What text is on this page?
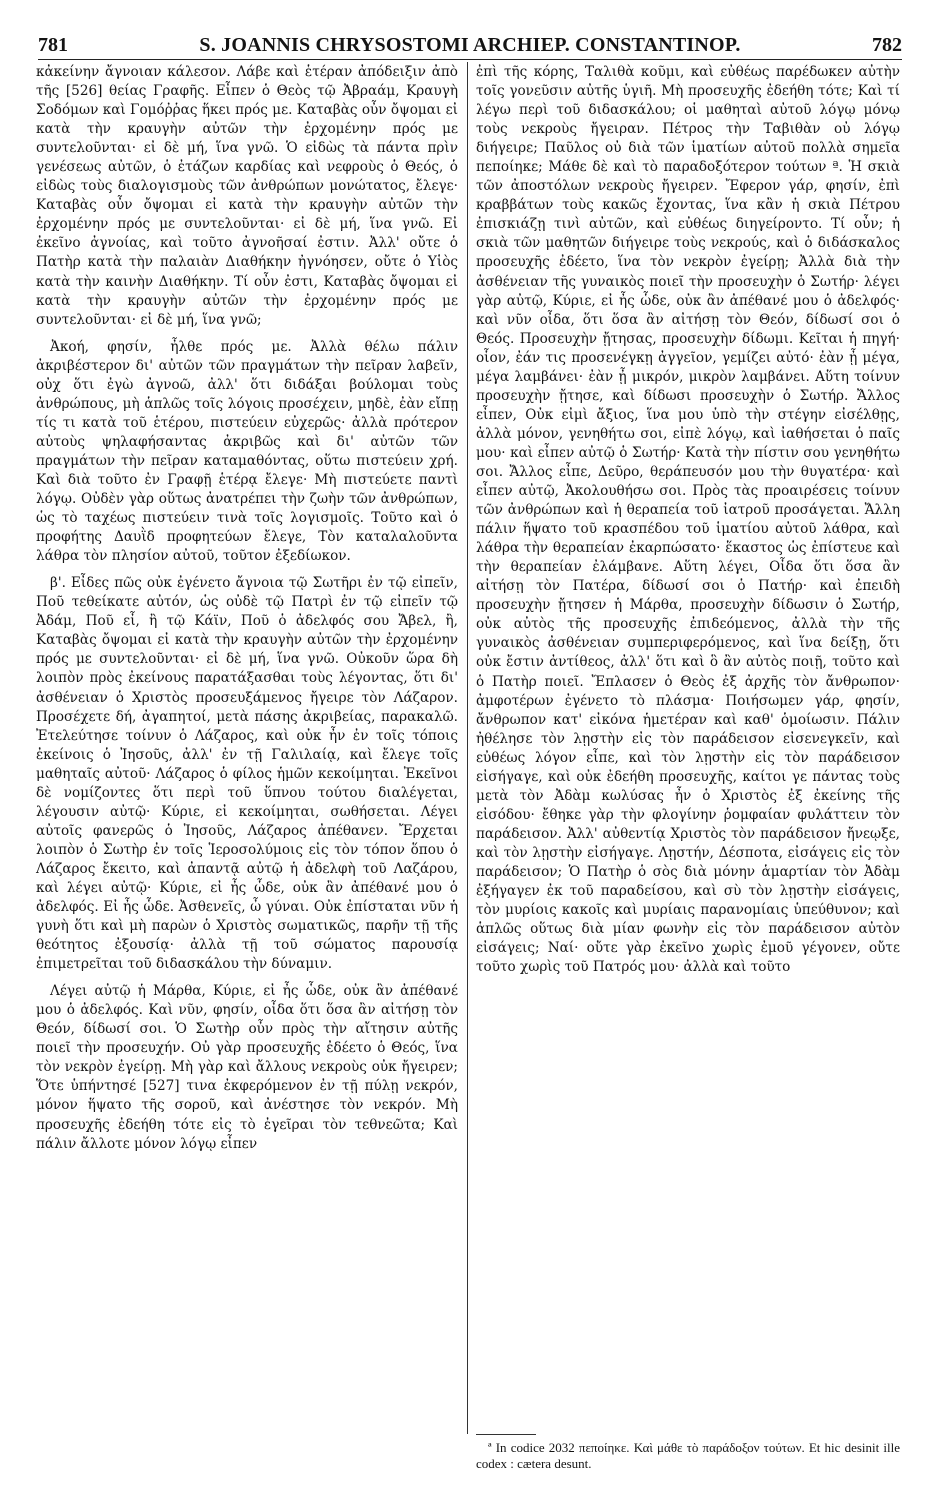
781	S. JOANNIS CHRYSOSTOMI ARCHIEP. CONSTANTINOP.	782

κἀκείνην ἄγνοιαν κάλεσον. Λάβε καὶ ἑτέραν ἀπόδειξιν ἀπὸ τῆς [526] θείας Γραφῆς. Εἶπεν ὁ Θεὸς τῷ Ἀβραάμ, Κραυγὴ Σοδόμων καὶ Γομόῤῥας ἥκει πρός με. Καταβὰς οὖν ὄψομαι εἰ κατὰ τὴν κραυγὴν αὐτῶν τὴν ἐρχομένην πρός με συντελοῦνται· εἰ δὲ μή, ἵνα γνῶ. Ὁ εἰδὼς τὰ πάντα πρὶν γενέσεως αὐτῶν, ὁ ἐτάζων καρδίας καὶ νεφροὺς ὁ Θεός, ὁ εἰδὼς τοὺς διαλογισμοὺς τῶν ἀνθρώπων μονώτατος, ἔλεγε· Καταβὰς οὖν ὄψομαι εἰ κατὰ τὴν κραυγὴν αὐτῶν τὴν ἐρχομένην πρός με συντελοῦνται· εἰ δὲ μή, ἵνα γνῶ. Εἰ ἐκεῖνο ἀγνοίας, καὶ τοῦτο ἀγνοῆσαί ἐστιν. Ἀλλ' οὔτε ὁ Πατὴρ κατὰ τὴν παλαιὰν Διαθήκην ἠγνόησεν, οὔτε ὁ Υἱὸς κατὰ τὴν καινὴν Διαθήκην. Τί οὖν ἐστι, Καταβὰς ὄψομαι εἰ κατὰ τὴν κραυγὴν αὐτῶν τὴν ἐρχομένην πρός με συντελοῦνται· εἰ δὲ μή, ἵνα γνῶ;

Ἀκοή, φησίν, ἦλθε πρός με. Ἀλλὰ θέλω πάλιν ἀκριβέστερον δι' αὐτῶν τῶν πραγμάτων τὴν πεῖραν λαβεῖν, οὐχ ὅτι ἐγὼ ἀγνοῶ, ἀλλ' ὅτι διδάξαι βούλομαι τοὺς ἀνθρώπους, μὴ ἁπλῶς τοῖς λόγοις προσέχειν, μηδὲ, ἐὰν εἴπῃ τίς τι κατὰ τοῦ ἑτέρου, πιστεύειν εὐχερῶς· ἀλλὰ πρότερον αὐτοὺς ψηλαφήσαντας ἀκριβῶς καὶ δι' αὐτῶν τῶν πραγμάτων τὴν πεῖραν καταμαθόντας, οὕτω πιστεύειν χρή. Καὶ διὰ τοῦτο ἐν Γραφῇ ἑτέρᾳ ἔλεγε· Μὴ πιστεύετε παντὶ λόγῳ. Οὐδὲν γὰρ οὕτως ἀνατρέπει τὴν ζωὴν τῶν ἀνθρώπων, ὡς τὸ ταχέως πιστεύειν τινὰ τοῖς λογισμοῖς. Τοῦτο καὶ ὁ προφήτης Δαυῒδ προφητεύων ἔλεγε, Τὸν καταλαλοῦντα λάθρα τὸν πλησίον αὐτοῦ, τοῦτον ἐξεδίωκον.

β'. Εἶδες πῶς οὐκ ἐγένετο ἄγνοια τῷ Σωτῆρι ἐν τῷ εἰπεῖν, Ποῦ τεθείκατε αὐτόν, ὡς οὐδὲ τῷ Πατρὶ ἐν τῷ εἰπεῖν τῷ Ἀδάμ, Ποῦ εἶ, ἢ τῷ Κάϊν, Ποῦ ὁ ἀδελφός σου Ἄβελ, ἢ, Καταβὰς ὄψομαι εἰ κατὰ τὴν κραυγὴν αὐτῶν τὴν ἐρχομένην πρός με συντελοῦνται· εἰ δὲ μή, ἵνα γνῶ. Οὐκοῦν ὥρα δὴ λοιπὸν πρὸς ἐκείνους παρατάξασθαι τοὺς λέγοντας, ὅτι δι' ἀσθένειαν ὁ Χριστὸς προσευξάμενος ἤγειρε τὸν Λάζαρον. Προσέχετε δή, ἀγαπητοί, μετὰ πάσης ἀκριβείας, παρακαλῶ. Ἐτελεύτησε τοίνυν ὁ Λάζαρος, καὶ οὐκ ἦν ἐν τοῖς τόποις ἐκείνοις ὁ Ἰησοῦς, ἀλλ' ἐν τῇ Γαλιλαίᾳ, καὶ ἔλεγε τοῖς μαθηταῖς αὐτοῦ· Λάζαρος ὁ φίλος ἡμῶν κεκοίμηται. Ἐκεῖνοι δὲ νομίζοντες ὅτι περὶ τοῦ ὕπνου τούτου διαλέγεται, λέγουσιν αὐτῷ· Κύριε, εἰ κεκοίμηται, σωθήσεται. Λέγει αὐτοῖς φανερῶς ὁ Ἰησοῦς, Λάζαρος ἀπέθανεν. Ἔρχεται λοιπὸν ὁ Σωτὴρ ἐν τοῖς Ἱεροσολύμοις εἰς τὸν τόπον ὅπου ὁ Λάζαρος ἔκειτο, καὶ ἀπαντᾷ αὐτῷ ἡ ἀδελφὴ τοῦ Λαζάρου, καὶ λέγει αὐτῷ· Κύριε, εἰ ἦς ὧδε, οὐκ ἂν ἀπέθανέ μου ὁ ἀδελφός. Εἰ ἦς ὧδε. Ἀσθενεῖς, ὦ γύναι. Οὐκ ἐπίσταται νῦν ἡ γυνὴ ὅτι καὶ μὴ παρὼν ὁ Χριστὸς σωματικῶς, παρῆν τῇ τῆς θεότητος ἐξουσίᾳ· ἀλλὰ τῇ τοῦ σώματος παρουσίᾳ ἐπιμετρεῖται τοῦ διδασκάλου τὴν δύναμιν.

Λέγει αὐτῷ ἡ Μάρθα, Κύριε, εἰ ἦς ὧδε, οὐκ ἂν ἀπέθανέ μου ὁ ἀδελφός. Καὶ νῦν, φησίν, οἶδα ὅτι ὅσα ἂν αἰτήσῃ τὸν Θεόν, δίδωσί σοι. Ὁ Σωτὴρ οὖν πρὸς τὴν αἴτησιν αὐτῆς ποιεῖ τὴν προσευχήν. Οὐ γὰρ προσευχῆς ἐδέετο ὁ Θεός, ἵνα τὸν νεκρὸν ἐγείρῃ. Μὴ γὰρ καὶ ἄλλους νεκροὺς οὐκ ἤγειρεν; Ὅτε ὑπήντησέ [527] τινα ἐκφερόμενον ἐν τῇ πύλῃ νεκρόν, μόνον ἥψατο τῆς σοροῦ, καὶ ἀνέστησε τὸν νεκρόν. Μὴ προσευχῆς ἐδεήθη τότε εἰς τὸ ἐγεῖραι τὸν τεθνεῶτα; Καὶ πάλιν ἄλλοτε μόνον λόγῳ εἶπεν

ἐπὶ τῆς κόρης, Ταλιθὰ κοῦμι, καὶ εὐθέως παρέδωκεν αὐτὴν τοῖς γονεῦσιν αὐτῆς ὑγιῆ. Μὴ προσευχῆς ἐδεήθη τότε; Καὶ τί λέγω περὶ τοῦ διδασκάλου; οἱ μαθηταὶ αὐτοῦ λόγῳ μόνῳ τοὺς νεκροὺς ἤγειραν. Πέτρος τὴν Ταβιθὰν οὐ λόγῳ διήγειρε; Παῦλος οὐ διὰ τῶν ἱματίων αὐτοῦ πολλὰ σημεῖα πεποίηκε; Μάθε δὲ καὶ τὸ παραδοξότερον τούτων ª. Ἡ σκιὰ τῶν ἀποστόλων νεκροὺς ἤγειρεν. Ἔφερον γάρ, φησίν, ἐπὶ κραββάτων τοὺς κακῶς ἔχοντας, ἵνα κἂν ἡ σκιὰ Πέτρου ἐπισκιάζῃ τινὶ αὐτῶν, καὶ εὐθέως διηγείροντο. Τί οὖν; ἡ σκιὰ τῶν μαθητῶν διήγειρε τοὺς νεκρούς, καὶ ὁ διδάσκαλος προσευχῆς ἐδέετο, ἵνα τὸν νεκρὸν ἐγείρῃ; Ἀλλὰ διὰ τὴν ἀσθένειαν τῆς γυναικὸς ποιεῖ τὴν προσευχὴν ὁ Σωτήρ· λέγει γὰρ αὐτῷ, Κύριε, εἰ ἦς ὧδε, οὐκ ἂν ἀπέθανέ μου ὁ ἀδελφός· καὶ νῦν οἶδα, ὅτι ὅσα ἂν αἰτήσῃ τὸν Θεόν, δίδωσί σοι ὁ Θεός. Προσευχὴν ᾔτησας, προσευχὴν δίδωμι. Κεῖται ἡ πηγή· οἷον, ἐάν τις προσενέγκῃ ἀγγεῖον, γεμίζει αὐτό· ἐὰν ᾖ μέγα, μέγα λαμβάνει· ἐὰν ᾖ μικρόν, μικρὸν λαμβάνει. Αὕτη τοίνυν προσευχὴν ᾔτησε, καὶ δίδωσι προσευχὴν ὁ Σωτήρ. Ἄλλος εἶπεν, Οὐκ εἰμὶ ἄξιος, ἵνα μου ὑπὸ τὴν στέγην εἰσέλθῃς, ἀλλὰ μόνον, γενηθήτω σοι, εἰπὲ λόγῳ, καὶ ἰαθήσεται ὁ παῖς μου· καὶ εἶπεν αὐτῷ ὁ Σωτήρ· Κατὰ τὴν πίστιν σου γενηθήτω σοι. Ἄλλος εἶπε, Δεῦρο, θεράπευσόν μου τὴν θυγατέρα· καὶ εἶπεν αὐτῷ, Ἀκολουθήσω σοι. Πρὸς τὰς προαιρέσεις τοίνυν τῶν ἀνθρώπων καὶ ἡ θεραπεία τοῦ ἰατροῦ προσάγεται. Ἄλλη πάλιν ἥψατο τοῦ κρασπέδου τοῦ ἱματίου αὐτοῦ λάθρα, καὶ λάθρα τὴν θεραπείαν ἐκαρπώσατο· ἕκαστος ὡς ἐπίστευε καὶ τὴν θεραπείαν ἐλάμβανε. Αὕτη λέγει, Οἶδα ὅτι ὅσα ἂν αἰτήσῃ τὸν Πατέρα, δίδωσί σοι ὁ Πατήρ· καὶ ἐπειδὴ προσευχὴν ᾔτησεν ἡ Μάρθα, προσευχὴν δίδωσιν ὁ Σωτήρ, οὐκ αὐτὸς τῆς προσευχῆς ἐπιδεόμενος, ἀλλὰ τὴν τῆς γυναικὸς ἀσθένειαν συμπεριφερόμενος, καὶ ἵνα δείξῃ, ὅτι οὐκ ἔστιν ἀντίθεος, ἀλλ' ὅτι καὶ ὃ ἂν αὐτὸς ποιῇ, τοῦτο καὶ ὁ Πατὴρ ποιεῖ. Ἔπλασεν ὁ Θεὸς ἐξ ἀρχῆς τὸν ἄνθρωπον· ἀμφοτέρων ἐγένετο τὸ πλάσμα· Ποιήσωμεν γάρ, φησίν, ἄνθρωπον κατ' εἰκόνα ἡμετέραν καὶ καθ' ὁμοίωσιν. Πάλιν ἠθέλησε τὸν λῃστὴν εἰς τὸν παράδεισον εἰσενεγκεῖν, καὶ εὐθέως λόγον εἶπε, καὶ τὸν λῃστὴν εἰς τὸν παράδεισον εἰσήγαγε, καὶ οὐκ ἐδεήθη προσευχῆς, καίτοι γε πάντας τοὺς μετὰ τὸν Ἀδὰμ κωλύσας ἦν ὁ Χριστὸς ἐξ ἐκείνης τῆς εἰσόδου· ἔθηκε γὰρ τὴν φλογίνην ῥομφαίαν φυλάττειν τὸν παράδεισον. Ἀλλ' αὐθεντίᾳ Χριστὸς τὸν παράδεισον ἤνεῳξε, καὶ τὸν λῃστὴν εἰσήγαγε. Λῃστήν, Δέσποτα, εἰσάγεις εἰς τὸν παράδεισον; Ὁ Πατὴρ ὁ σὸς διὰ μόνην ἁμαρτίαν τὸν Ἀδὰμ ἐξήγαγεν ἐκ τοῦ παραδείσου, καὶ σὺ τὸν λῃστὴν εἰσάγεις, τὸν μυρίοις κακοῖς καὶ μυρίαις παρανομίαις ὑπεύθυνον; καὶ ἁπλῶς οὕτως διὰ μίαν φωνὴν εἰς τὸν παράδεισον αὐτὸν εἰσάγεις; Ναί· οὔτε γὰρ ἐκεῖνο χωρὶς ἐμοῦ γέγονεν, οὔτε τοῦτο χωρὶς τοῦ Πατρός μου· ἀλλὰ καὶ τοῦτο

ª In codice 2032 πεποίηκε. Καὶ μάθε τὸ παράδοξον τούτων. Et hic desinit ille codex : cætera desunt.
